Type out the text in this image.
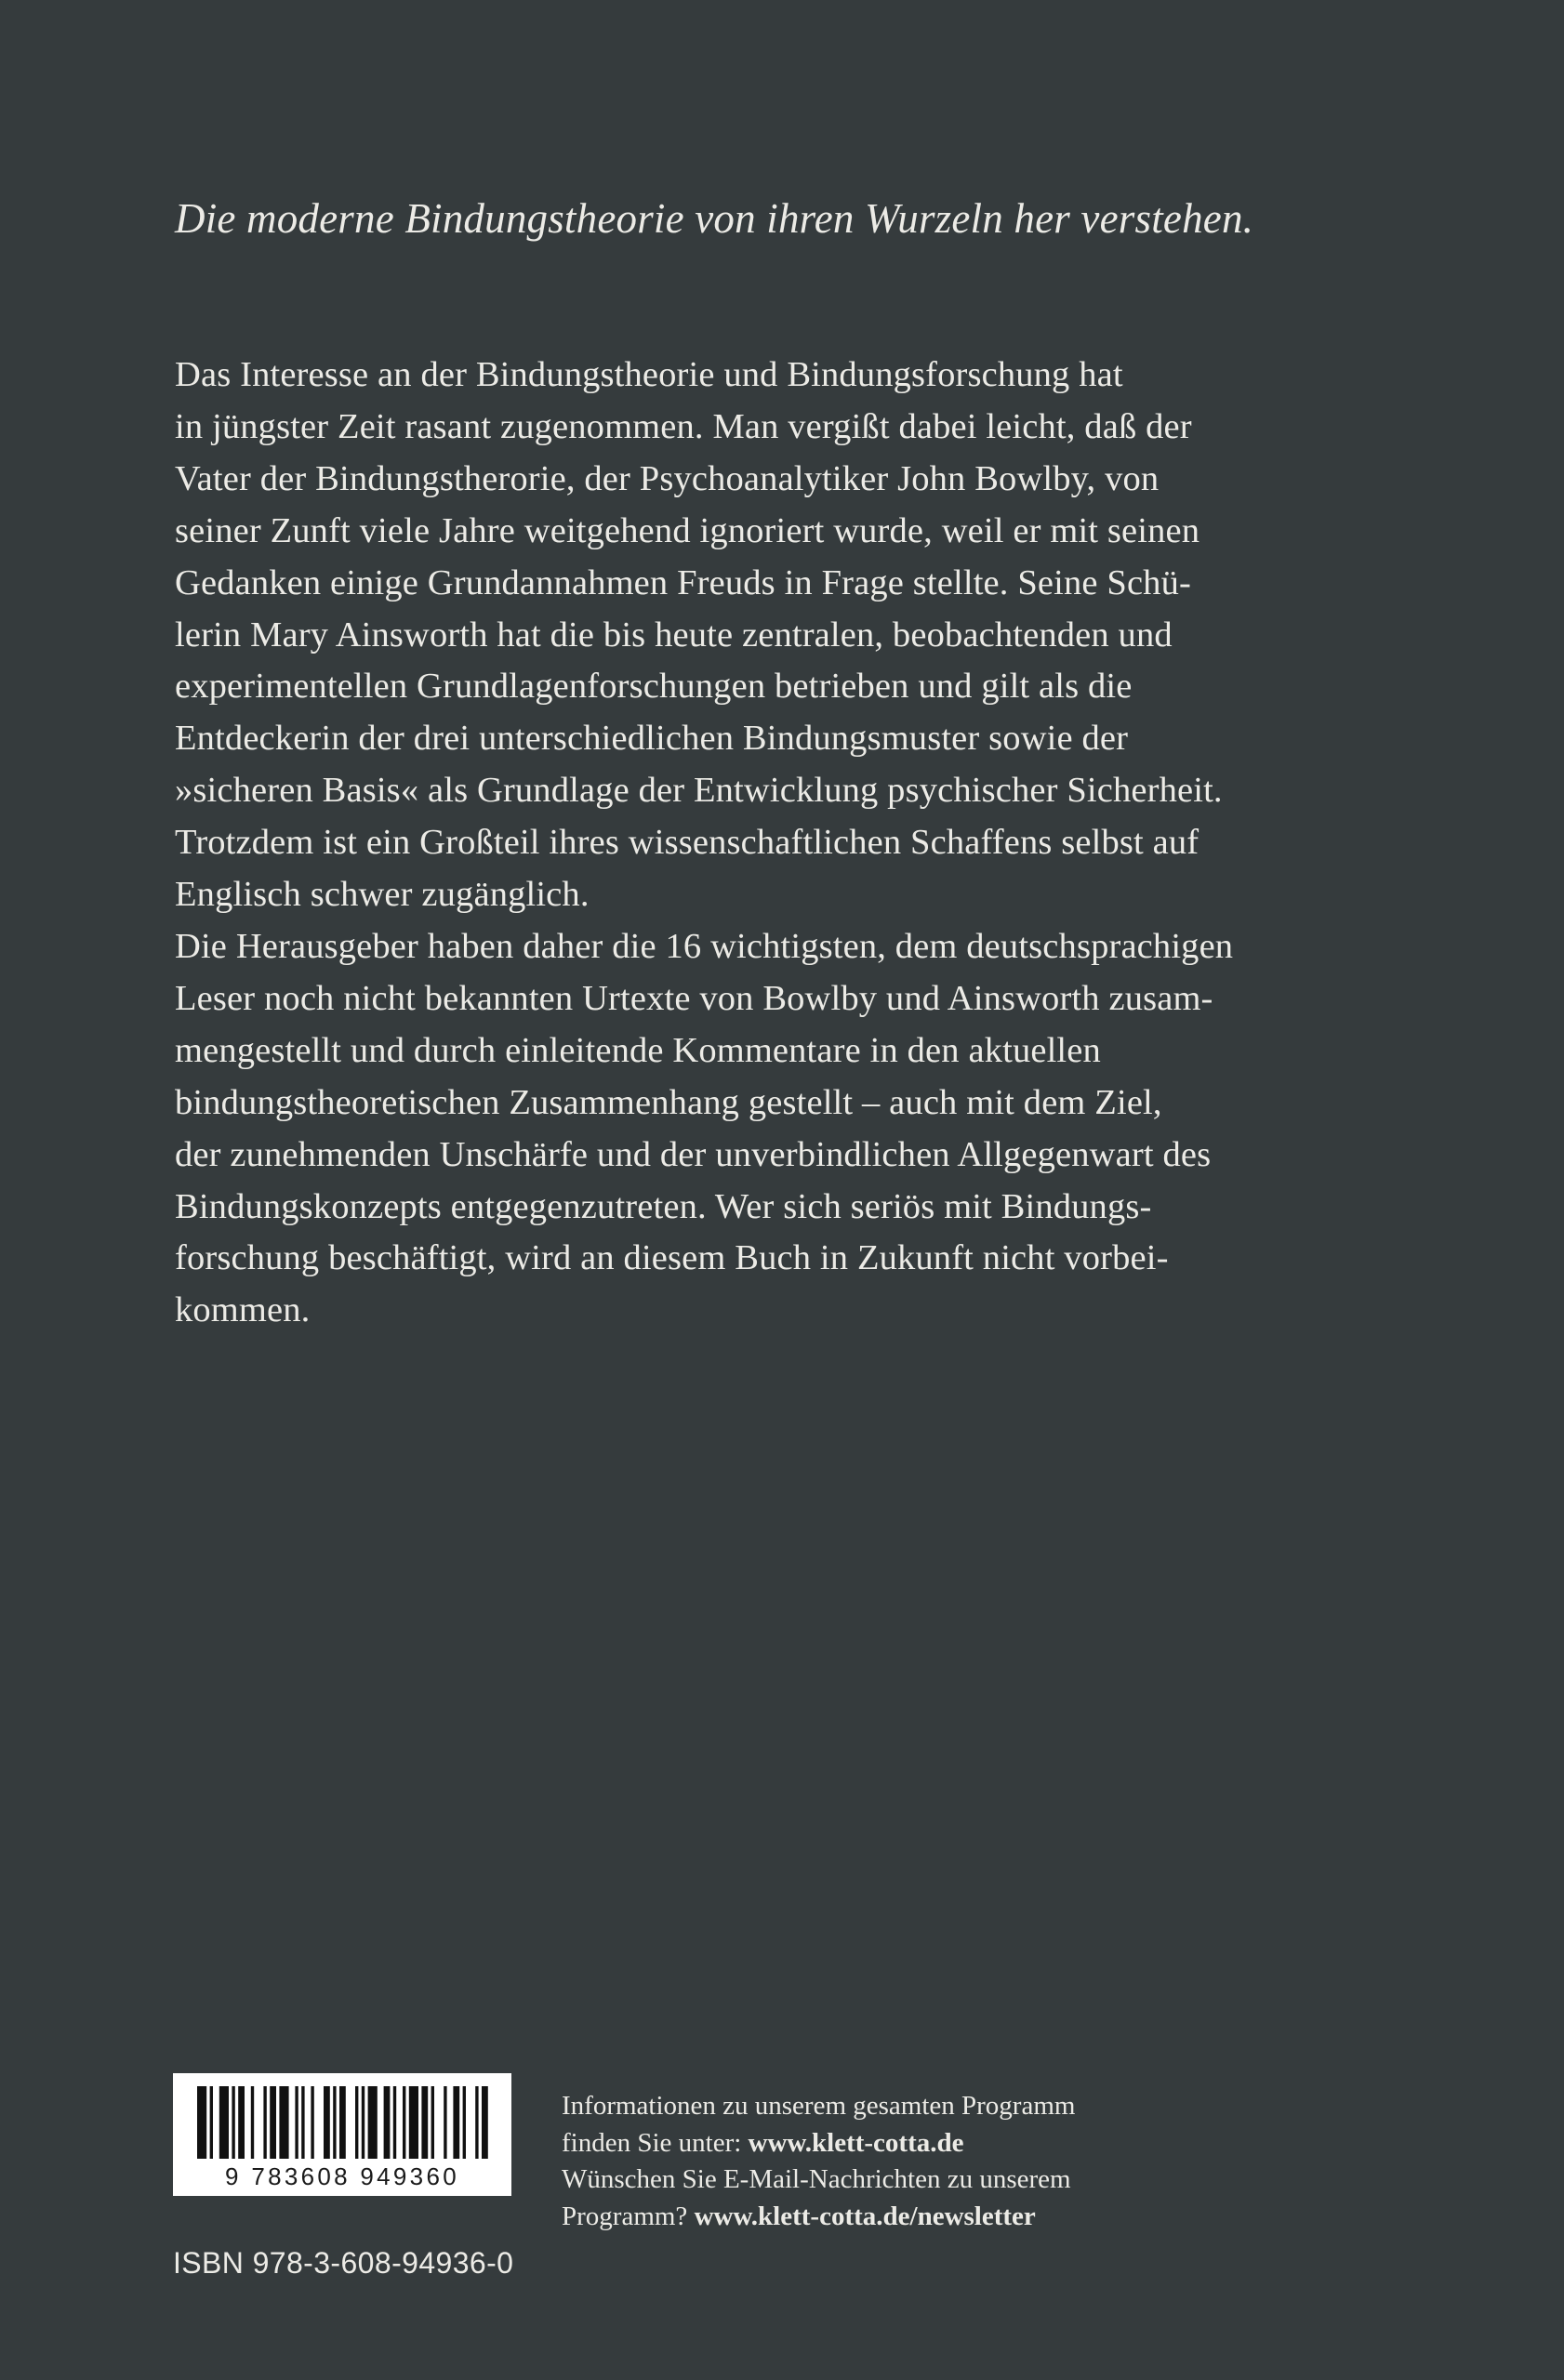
Die moderne Bindungstheorie von ihren Wurzeln her verstehen.
Das Interesse an der Bindungstheorie und Bindungsforschung hat
in jüngster Zeit rasant zugenommen. Man vergißt dabei leicht, daß der
Vater der Bindungstherorie, der Psychoanalytiker John Bowlby, von
seiner Zunft viele Jahre weitgehend ignoriert wurde, weil er mit seinen
Gedanken einige Grundannahmen Freuds in Frage stellte. Seine Schü-
lerin Mary Ainsworth hat die bis heute zentralen, beobachtenden und
experimentellen Grundlagenforschungen betrieben und gilt als die
Entdeckerin der drei unterschiedlichen Bindungsmuster sowie der
»sicheren Basis« als Grundlage der Entwicklung psychischer Sicherheit.
Trotzdem ist ein Großteil ihres wissenschaftlichen Schaffens selbst auf
Englisch schwer zugänglich.
Die Herausgeber haben daher die 16 wichtigsten, dem deutschsprachigen
Leser noch nicht bekannten Urtexte von Bowlby und Ainsworth zusam-
mengestellt und durch einleitende Kommentare in den aktuellen
bindungstheoretischen Zusammenhang gestellt – auch mit dem Ziel,
der zunehmenden Unschärfe und der unverbindlichen Allgegenwart des
Bindungskonzepts entgegenzutreten. Wer sich seriös mit Bindungs-
forschung beschäftigt, wird an diesem Buch in Zukunft nicht vorbei-
kommen.
9 783608 949360
ISBN 978-3-608-94936-0
Informationen zu unserem gesamten Programm
finden Sie unter: www.klett-cotta.de
Wünschen Sie E-Mail-Nachrichten zu unserem
Programm? www.klett-cotta.de/newsletter
